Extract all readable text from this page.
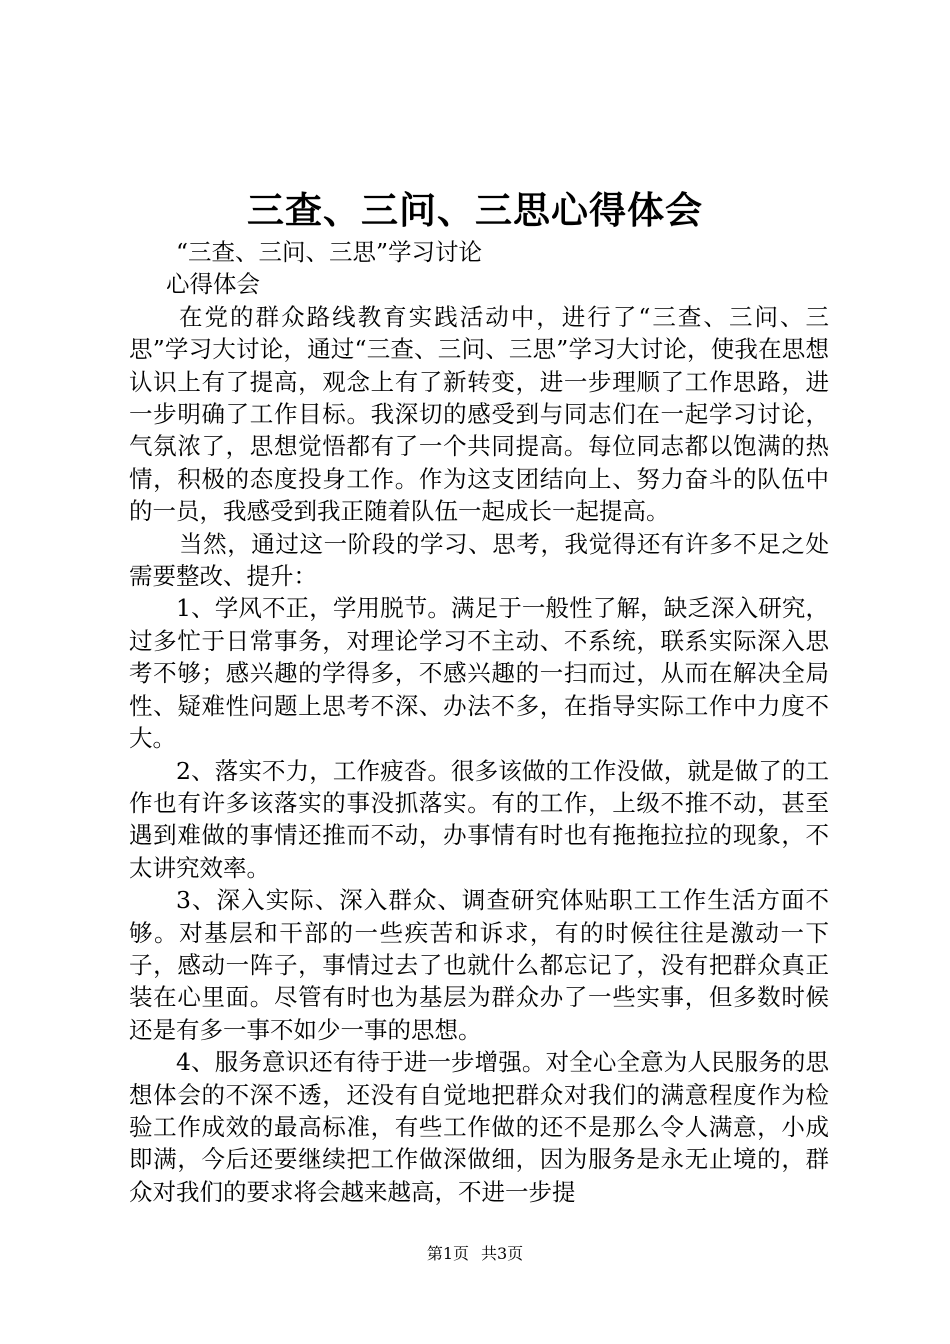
三查、三问、三思心得体会

“三查、三问、三思”学习讨论

心得体会

在党的群众路线教育实践活动中，进行了“三查、三问、三思”学习大讨论，通过“三查、三问、三思”学习大讨论，使我在思想认识上有了提高，观念上有了新转变，进一步理顺了工作思路，进一步明确了工作目标。我深切的感受到与同志们在一起学习讨论，气氛浓了，思想觉悟都有了一个共同提高。每位同志都以饱满的热情，积极的态度投身工作。作为这支团结向上、努力奋斗的队伍中的一员，我感受到我正随着队伍一起成长一起提高。

当然，通过这一阶段的学习、思考，我觉得还有许多不足之处需要整改、提升：

1、学风不正，学用脱节。满足于一般性了解，缺乏深入研究，过多忙于日常事务，对理论学习不主动、不系统，联系实际深入思考不够；感兴趣的学得多，不感兴趣的一扫而过，从而在解决全局性、疑难性问题上思考不深、办法不多，在指导实际工作中力度不大。

2、落实不力，工作疲沓。很多该做的工作没做，就是做了的工作也有许多该落实的事没抓落实。有的工作，上级不推不动，甚至遇到难做的事情还推而不动，办事情有时也有拖拖拉拉的现象，不太讲究效率。

3、深入实际、深入群众、调查研究体贴职工工作生活方面不够。对基层和干部的一些疾苦和诉求，有的时候往往是激动一下子，感动一阵子，事情过去了也就什么都忘记了，没有把群众真正装在心里面。尽管有时也为基层为群众办了一些实事，但多数时候还是有多一事不如少一事的思想。

4、服务意识还有待于进一步增强。对全心全意为人民服务的思想体会的不深不透，还没有自觉地把群众对我们的满意程度作为检验工作成效的最高标准，有些工作做的还不是那么令人满意，小成即满，今后还要继续把工作做深做细，因为服务是永无止境的，群众对我们的要求将会越来越高，不进一步提

第1页 共3页
